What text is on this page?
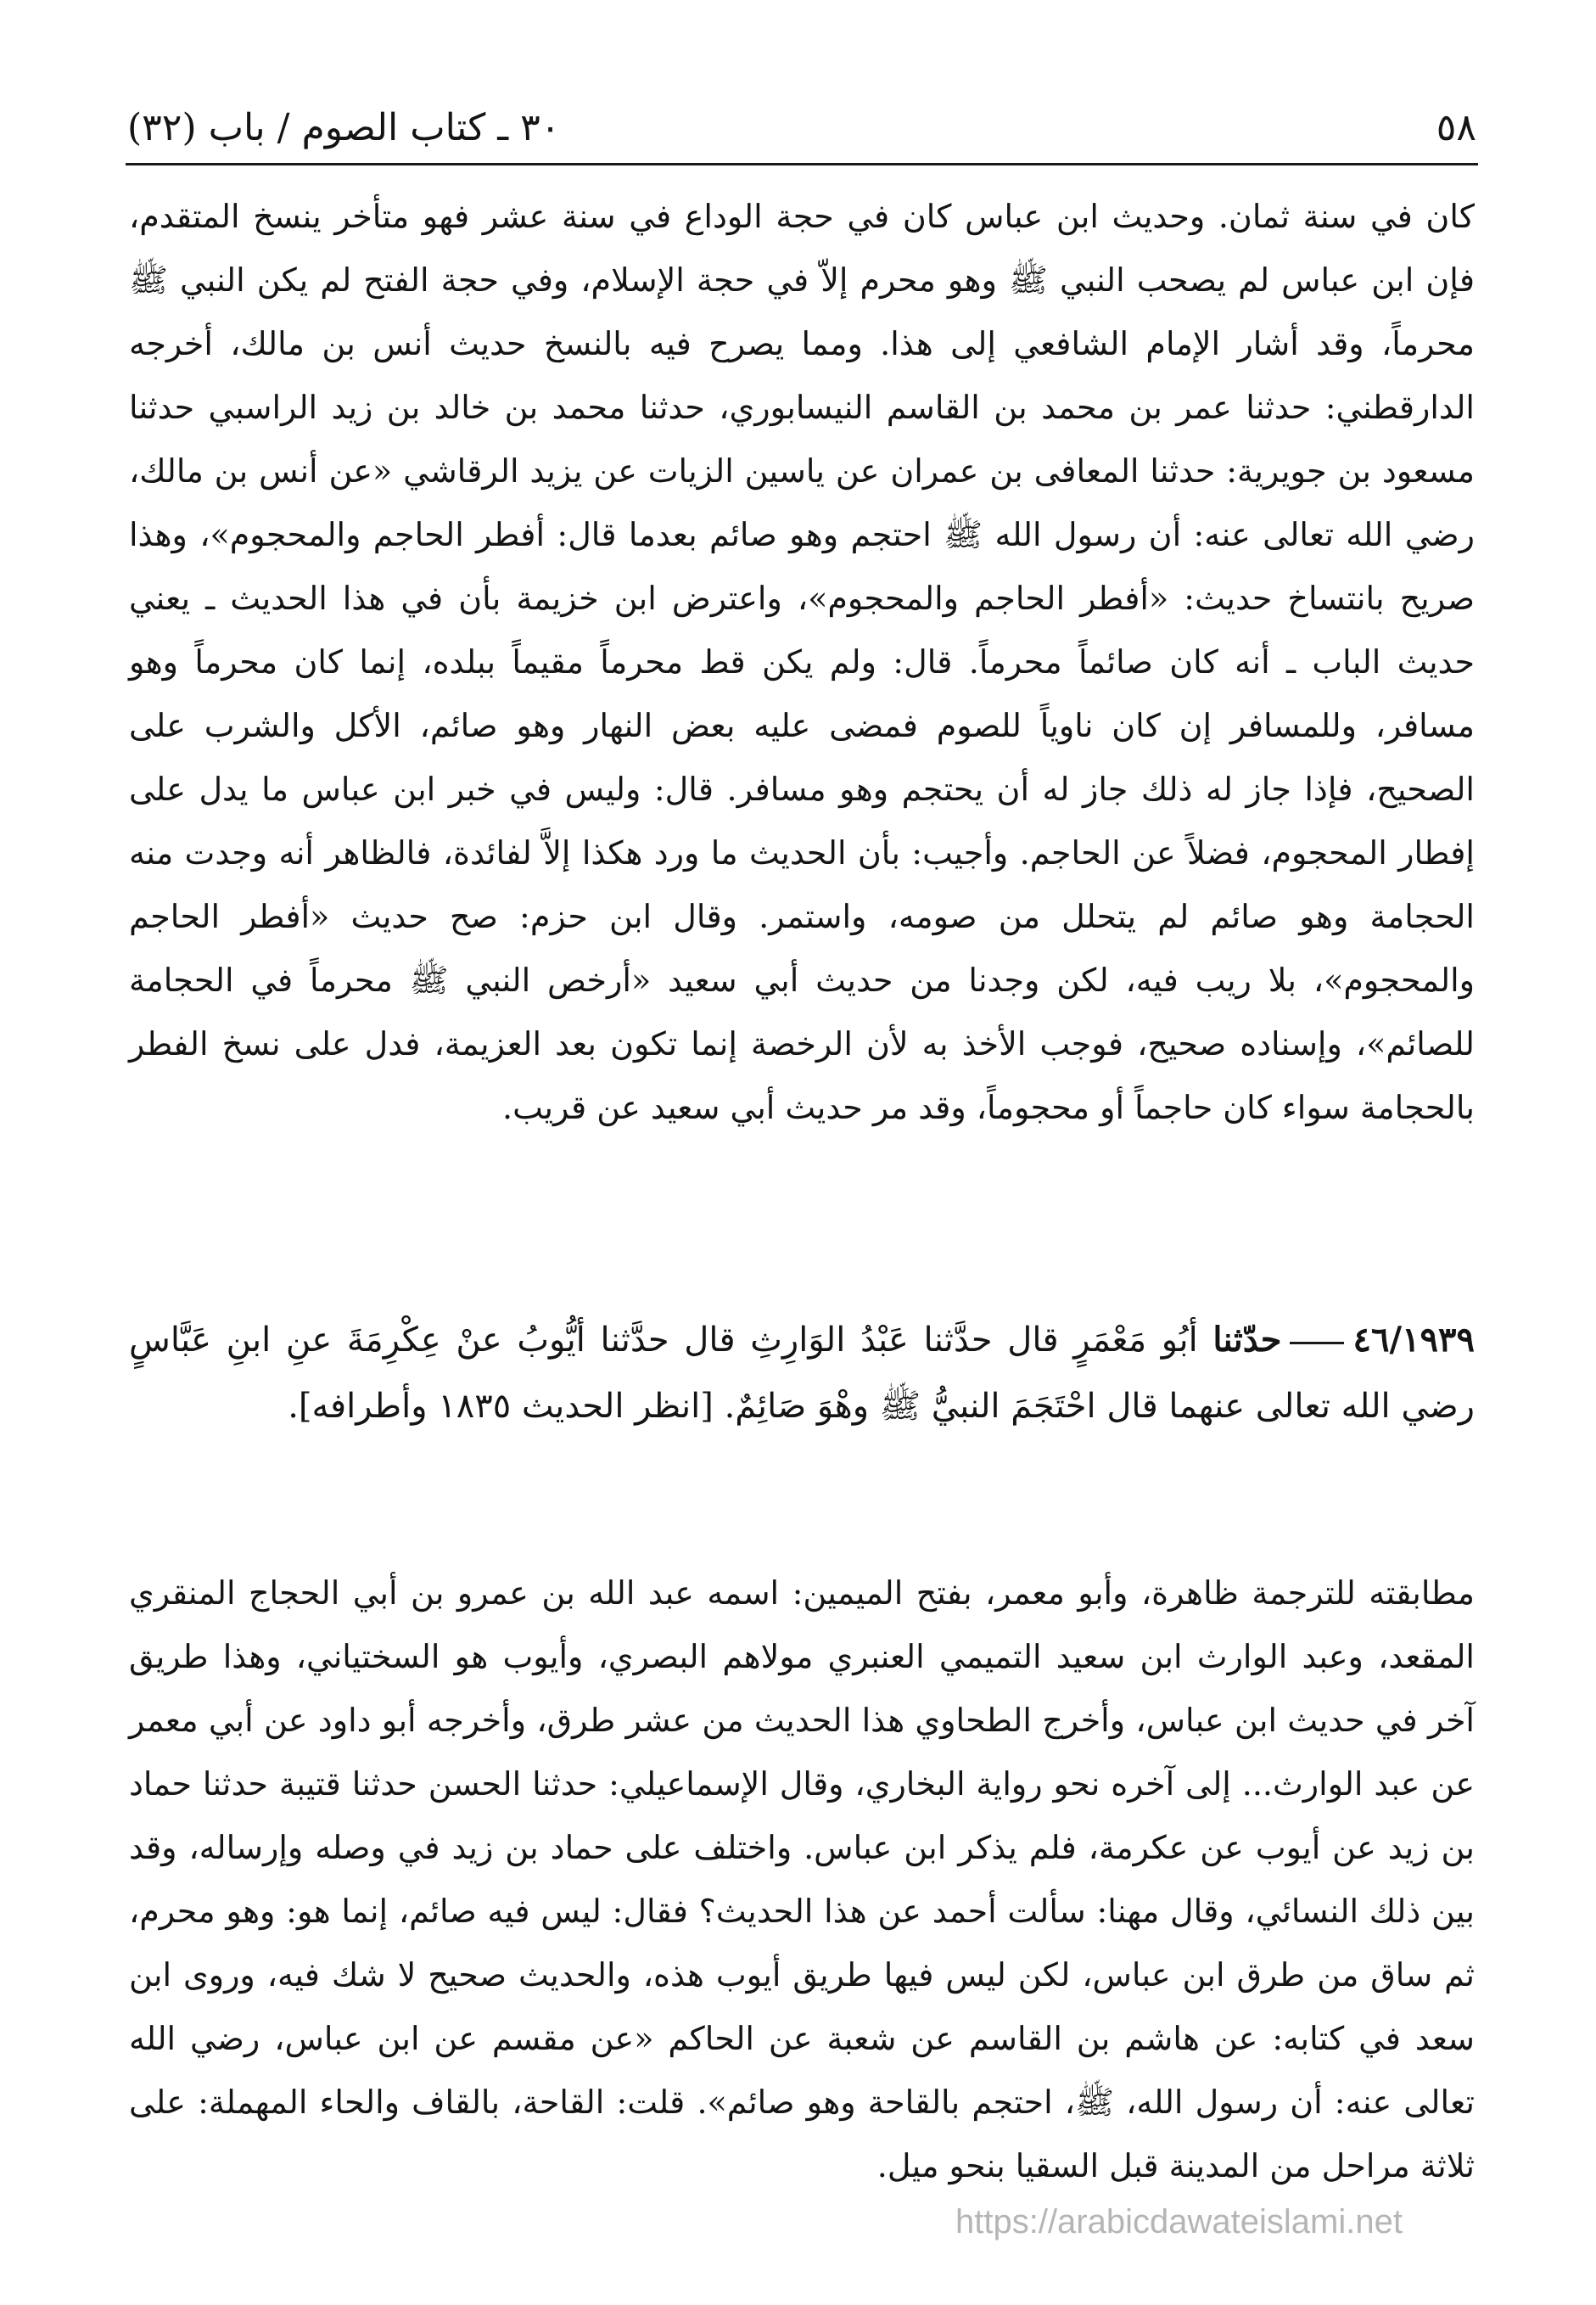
٥٨
٣٠ ـ كتاب الصوم / باب (٣٢)

كان في سنة ثمان. وحديث ابن عباس كان في حجة الوداع في سنة عشر فهو متأخر ينسخ المتقدم، فإن ابن عباس لم يصحب النبي ﷺ وهو محرم إلاّ في حجة الإسلام، وفي حجة الفتح لم يكن النبي ﷺ محرماً، وقد أشار الإمام الشافعي إلى هذا. ومما يصرح فيه بالنسخ حديث أنس بن مالك، أخرجه الدارقطني: حدثنا عمر بن محمد بن القاسم النيسابوري، حدثنا محمد بن خالد بن زيد الراسبي حدثنا مسعود بن جويرية: حدثنا المعافى بن عمران عن ياسين الزيات عن يزيد الرقاشي «عن أنس بن مالك، رضي الله تعالى عنه: أن رسول الله ﷺ احتجم وهو صائم بعدما قال: أفطر الحاجم والمحجوم»، وهذا صريح بانتساخ حديث: «أفطر الحاجم والمحجوم»، واعترض ابن خزيمة بأن في هذا الحديث ـ يعني حديث الباب ـ أنه كان صائماً محرماً. قال: ولم يكن قط محرماً مقيماً ببلده، إنما كان محرماً وهو مسافر، وللمسافر إن كان ناوياً للصوم فمضى عليه بعض النهار وهو صائم، الأكل والشرب على الصحيح، فإذا جاز له ذلك جاز له أن يحتجم وهو مسافر. قال: وليس في خبر ابن عباس ما يدل على إفطار المحجوم، فضلاً عن الحاجم. وأجيب: بأن الحديث ما ورد هكذا إلاَّ لفائدة، فالظاهر أنه وجدت منه الحجامة وهو صائم لم يتحلل من صومه، واستمر. وقال ابن حزم: صح حديث «أفطر الحاجم والمحجوم»، بلا ريب فيه، لكن وجدنا من حديث أبي سعيد «أرخص النبي ﷺ محرماً في الحجامة للصائم»، وإسناده صحيح، فوجب الأخذ به لأن الرخصة إنما تكون بعد العزيمة، فدل على نسخ الفطر بالحجامة سواء كان حاجماً أو محجوماً، وقد مر حديث أبي سعيد عن قريب.

٤٦/١٩٣٩حدّثنا أبُو مَعْمَرٍ قال حدَّثنا عَبْدُ الوَارِثِ قال حدَّثنا أيُّوبُ عنْ عِكْرِمَةَ عنِ ابنِ عَبَّاسٍ رضي الله تعالى عنهما قال احْتَجَمَ النبيُّ ﷺ وهْوَ صَائِمٌ. [انظر الحديث ١٨٣٥ وأطرافه].

مطابقته للترجمة ظاهرة، وأبو معمر، بفتح الميمين: اسمه عبد الله بن عمرو بن أبي الحجاج المنقري المقعد، وعبد الوارث ابن سعيد التميمي العنبري مولاهم البصري، وأيوب هو السختياني، وهذا طريق آخر في حديث ابن عباس، وأخرج الطحاوي هذا الحديث من عشر طرق، وأخرجه أبو داود عن أبي معمر عن عبد الوارث... إلى آخره نحو رواية البخاري، وقال الإسماعيلي: حدثنا الحسن حدثنا قتيبة حدثنا حماد بن زيد عن أيوب عن عكرمة، فلم يذكر ابن عباس. واختلف على حماد بن زيد في وصله وإرساله، وقد بين ذلك النسائي، وقال مهنا: سألت أحمد عن هذا الحديث؟ فقال: ليس فيه صائم، إنما هو: وهو محرم، ثم ساق من طرق ابن عباس، لكن ليس فيها طريق أيوب هذه، والحديث صحيح لا شك فيه، وروى ابن سعد في كتابه: عن هاشم بن القاسم عن شعبة عن الحاكم «عن مقسم عن ابن عباس، رضي الله تعالى عنه: أن رسول الله، ﷺ، احتجم بالقاحة وهو صائم». قلت: القاحة، بالقاف والحاء المهملة: على ثلاثة مراحل من المدينة قبل السقيا بنحو ميل.

https://arabicdawateislami.net
